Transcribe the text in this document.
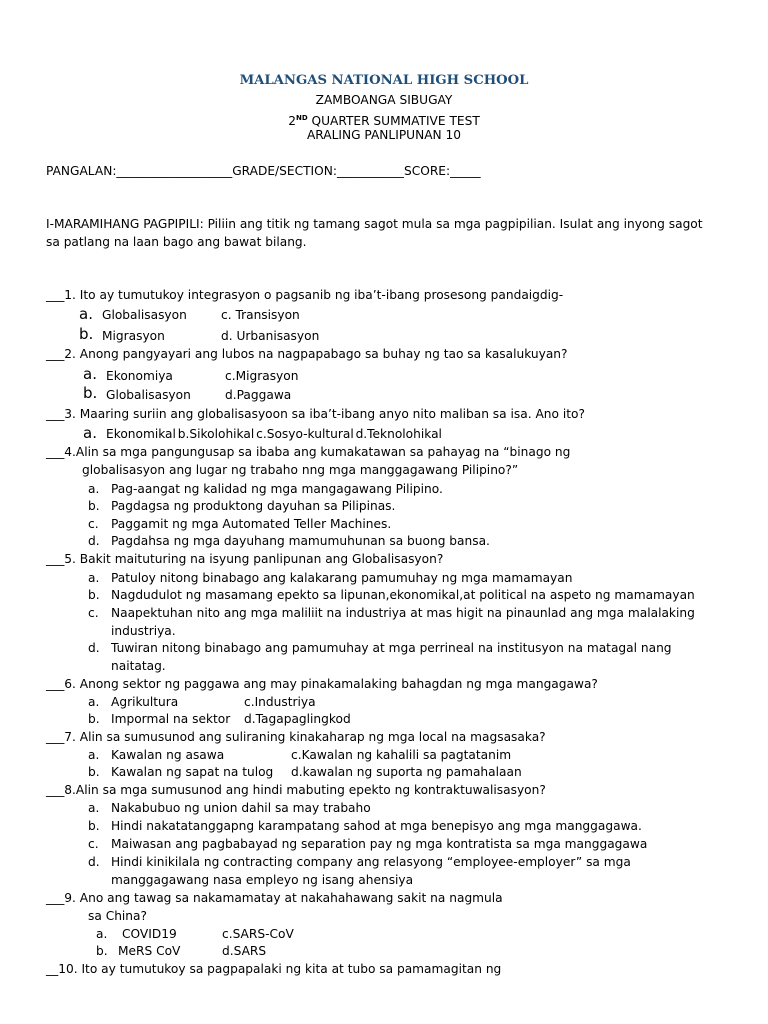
MALANGAS NATIONAL HIGH SCHOOL
ZAMBOANGA SIBUGAY
2ND QUARTER SUMMATIVE TEST
ARALING PANLIPUNAN 10
PANGALAN:___________________GRADE/SECTION:___________SCORE:_____
I-MARAMIHANG PAGPIPILI: Piliin ang titik ng tamang sagot mula sa mga pagpipilian. Isulat ang inyong sagot
sa patlang na laan bago ang bawat bilang.
___1. Ito ay tumutukoy integrasyon o pagsanib ng iba’t-ibang prosesong pandaigdig-
a. Globalisasyon	c. Transisyon
b. Migrasyon	d. Urbanisasyon
___2. Anong pangyayari ang lubos na nagpapabago sa buhay ng tao sa kasalukuyan?
a. Ekonomiya	c.Migrasyon
b. Globalisasyon	d.Paggawa
___3. Maaring suriin ang globalisasyoon sa iba’t-ibang anyo nito maliban sa isa. Ano ito?
a. Ekonomikal b.Sikolohikal c.Sosyo-kultural d.Teknolohikal
___4.Alin sa mga pangungusap sa ibaba ang kumakatawan sa pahayag na “binago ng
globalisasyon ang lugar ng trabaho nng mga manggagawang Pilipino?”
a. Pag-aangat ng kalidad ng mga mangagawang Pilipino.
b. Pagdagsa ng produktong dayuhan sa Pilipinas.
c. Paggamit ng mga Automated Teller Machines.
d. Pagdahsa ng mga dayuhang mamumuhunan sa buong bansa.
___5. Bakit maituturing na isyung panlipunan ang Globalisasyon?
a. Patuloy nitong binabago ang kalakarang pamumuhay ng mga mamamayan
b. Nagdudulot ng masamang epekto sa lipunan,ekonomikal,at political na aspeto ng mamamayan
c. Naapektuhan nito ang mga maliliit na industriya at mas higit na pinaunlad ang mga malalaking
industriya.
d. Tuwiran nitong binabago ang pamumuhay at mga perrineal na institusyon na matagal nang
naitatag.
___6. Anong sektor ng paggawa ang may pinakamalaking bahagdan ng mga mangagawa?
a. Agrikultura	c.Industriya
b. Impormal na sektor d.Tagapaglingkod
___7. Alin sa sumusunod ang suliraning kinakaharap ng mga local na magsasaka?
a. Kawalan ng asawa	c.Kawalan ng kahalili sa pagtatanim
b. Kawalan ng sapat na tulog d.kawalan ng suporta ng pamahalaan
___8.Alin sa mga sumusunod ang hindi mabuting epekto ng kontraktuwalisasyon?
a. Nakabubuo ng union dahil sa may trabaho
b. Hindi nakatatanggapng karampatang sahod at mga benepisyo ang mga manggagawa.
c. Maiwasan ang pagbabayad ng separation pay ng mga kontratista sa mga manggagawa
d. Hindi kinikilala ng contracting company ang relasyong “employee-employer” sa mga
manggagawang nasa empleyo ng isang ahensiya
___9. Ano ang tawag sa nakamamatay at nakahahawang sakit na nagmula
sa China?
a. COVID19	c.SARS-CoV
b. MeRS CoV	d.SARS
__10. Ito ay tumutukoy sa pagpapalaki ng kita at tubo sa pamamagitan ng
